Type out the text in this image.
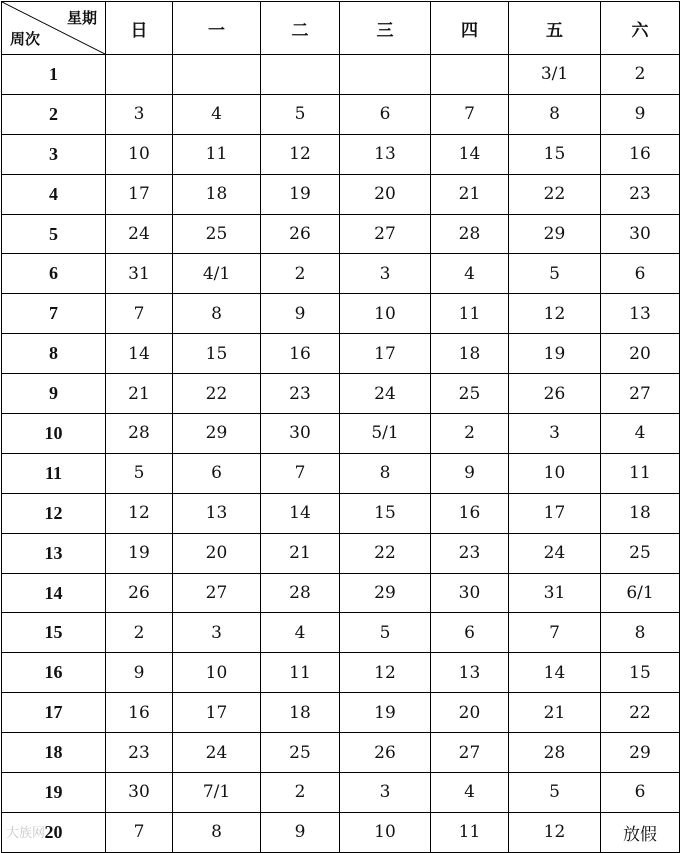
星期
周次	日	一	二	三	四	五	六
1						3/1	2
2	3	4	5	6	7	8	9
3	10	11	12	13	14	15	16
4	17	18	19	20	21	22	23
5	24	25	26	27	28	29	30
6	31	4/1	2	3	4	5	6
7	7	8	9	10	11	12	13
8	14	15	16	17	18	19	20
9	21	22	23	24	25	26	27
10	28	29	30	5/1	2	3	4
11	5	6	7	8	9	10	11
12	12	13	14	15	16	17	18
13	19	20	21	22	23	24	25
14	26	27	28	29	30	31	6/1
15	2	3	4	5	6	7	8
16	9	10	11	12	13	14	15
17	16	17	18	19	20	21	22
18	23	24	25	26	27	28	29
19	30	7/1	2	3	4	5	6
20	7	8	9	10	11	12	放假
大族网
